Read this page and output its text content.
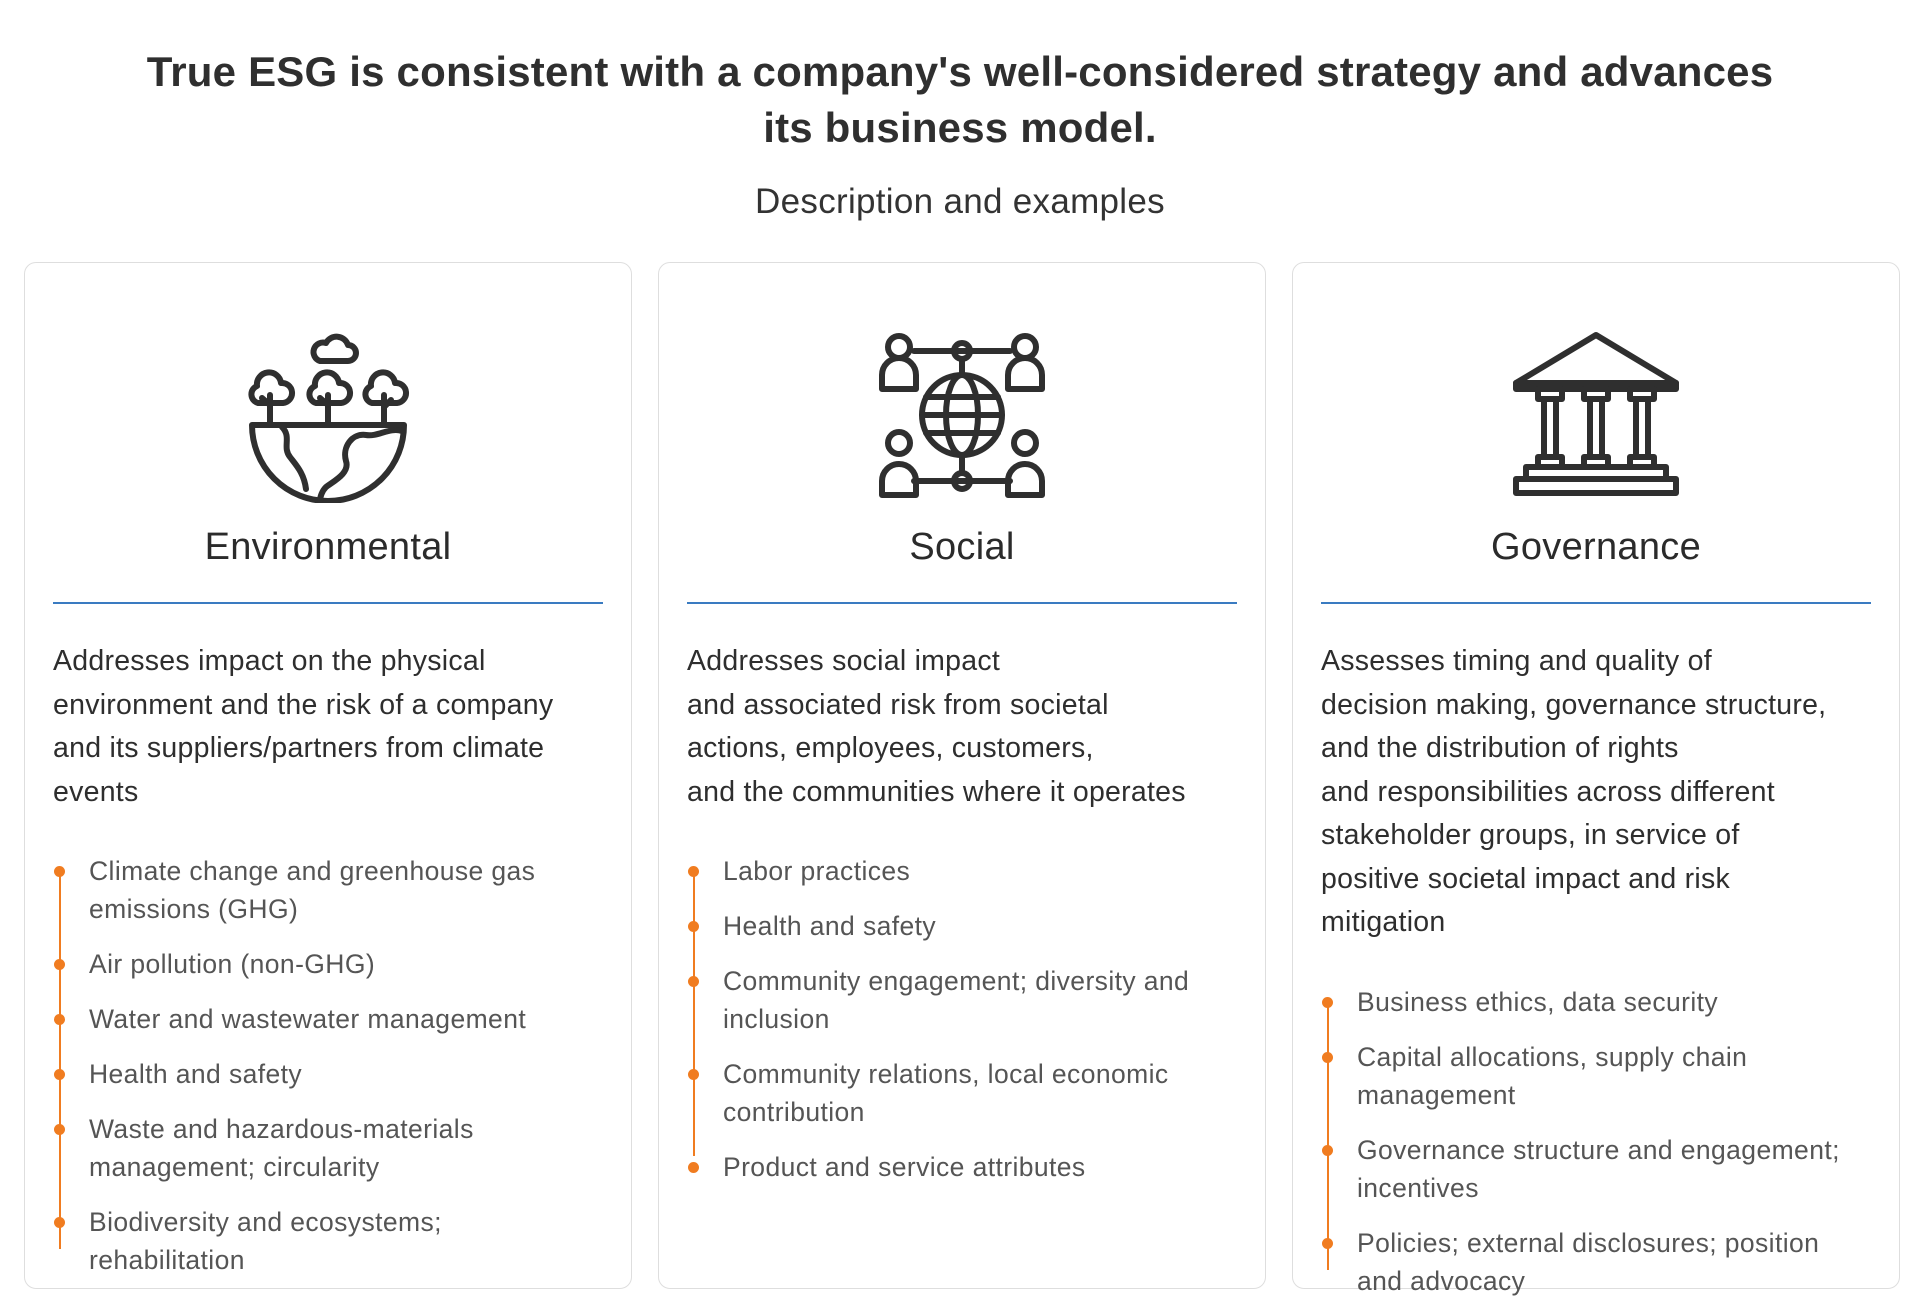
True ESG is consistent with a company's well-considered strategy and advances its business model.
Description and examples
Environmental
Addresses impact on the physical
environment and the risk of a company
and its suppliers/partners from climate
events
Climate change and greenhouse gas emissions (GHG)
Air pollution (non-GHG)
Water and wastewater management
Health and safety
Waste and hazardous-materials management; circularity
Biodiversity and ecosystems; rehabilitation
Social
Addresses social impact
and associated risk from societal
actions, employees, customers,
and the communities where it operates
Labor practices
Health and safety
Community engagement; diversity and inclusion
Community relations, local economic contribution
Product and service attributes
Governance
Assesses timing and quality of
decision making, governance structure,
and the distribution of rights
and responsibilities across different
stakeholder groups, in service of
positive societal impact and risk
mitigation
Business ethics, data security
Capital allocations, supply chain management
Governance structure and engagement; incentives
Policies; external disclosures; position and advocacy
